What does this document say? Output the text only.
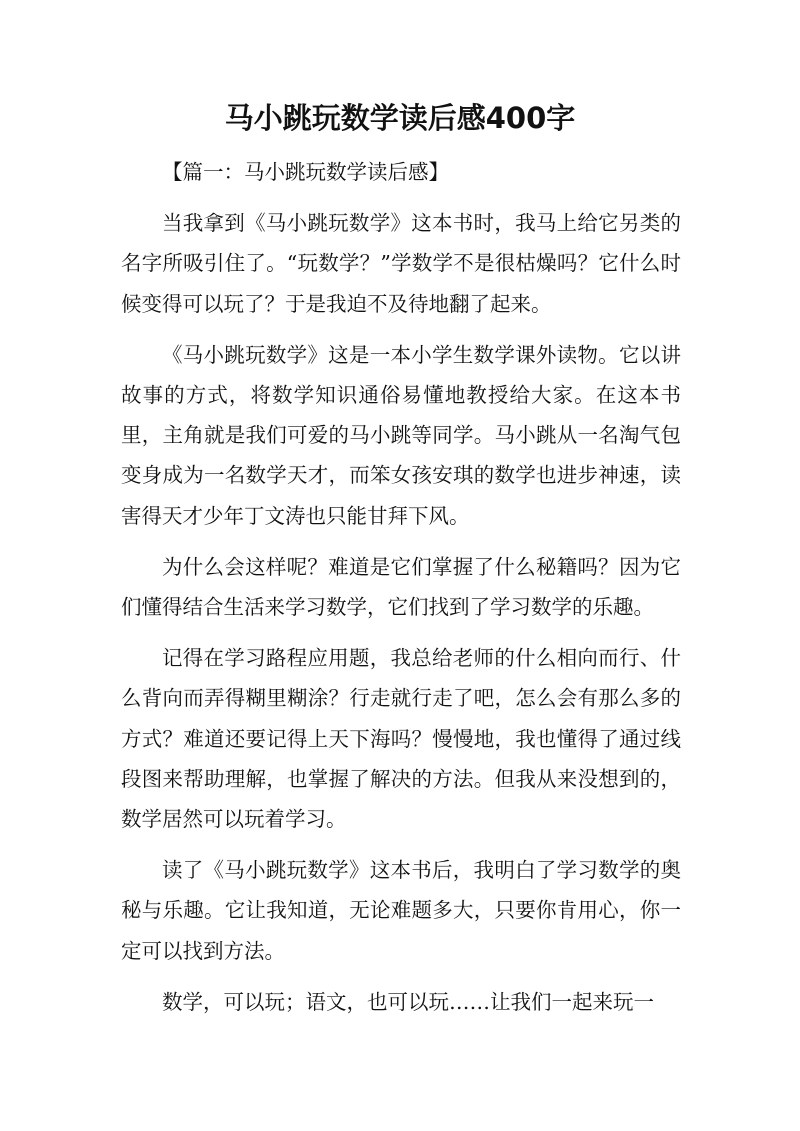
马小跳玩数学读后感400字

【篇一：马小跳玩数学读后感】

当我拿到《马小跳玩数学》这本书时，我马上给它另类的名字所吸引住了。“玩数学？”学数学不是很枯燥吗？它什么时候变得可以玩了？于是我迫不及待地翻了起来。

《马小跳玩数学》这是一本小学生数学课外读物。它以讲故事的方式，将数学知识通俗易懂地教授给大家。在这本书里，主角就是我们可爱的马小跳等同学。马小跳从一名淘气包变身成为一名数学天才，而笨女孩安琪的数学也进步神速，读害得天才少年丁文涛也只能甘拜下风。

为什么会这样呢？难道是它们掌握了什么秘籍吗？因为它们懂得结合生活来学习数学，它们找到了学习数学的乐趣。

记得在学习路程应用题，我总给老师的什么相向而行、什么背向而弄得糊里糊涂？行走就行走了吧，怎么会有那么多的方式？难道还要记得上天下海吗？慢慢地，我也懂得了通过线段图来帮助理解，也掌握了解决的方法。但我从来没想到的，数学居然可以玩着学习。

读了《马小跳玩数学》这本书后，我明白了学习数学的奥秘与乐趣。它让我知道，无论难题多大，只要你肯用心，你一定可以找到方法。

数学，可以玩；语文，也可以玩……让我们一起来玩一
